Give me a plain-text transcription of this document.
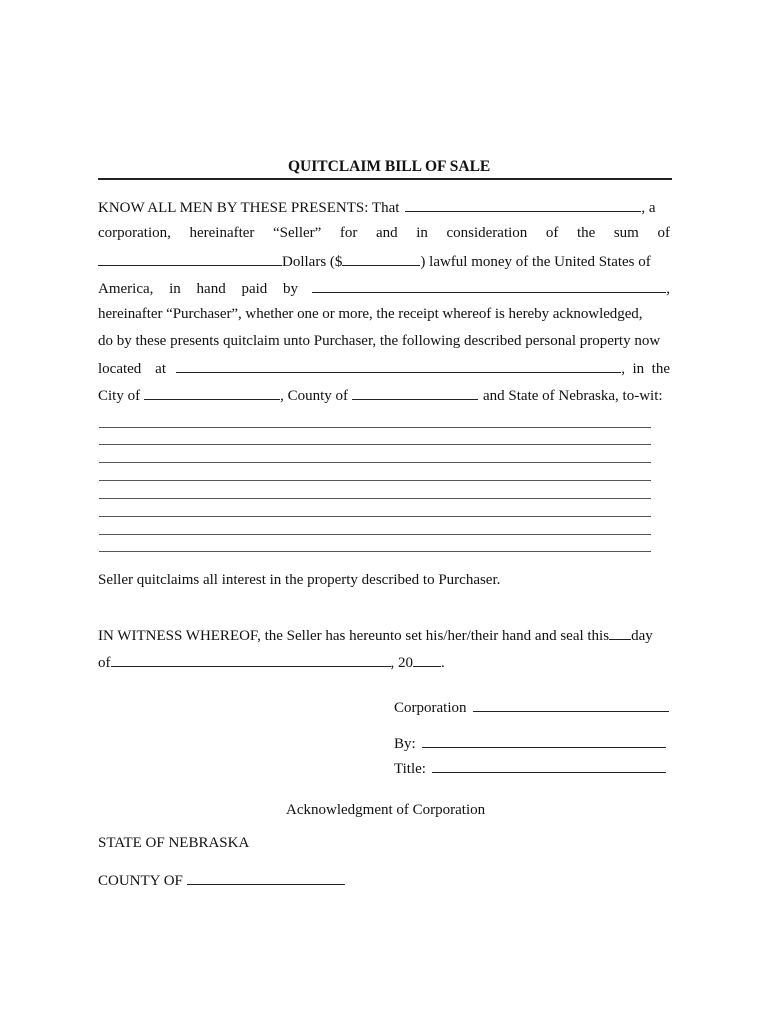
QUITCLAIM BILL OF SALE
KNOW ALL MEN BY THESE PRESENTS: That	, a
corporation, hereinafter “Seller” for and in consideration of the sum of
Dollars ($	) lawful money of the United States of
America, in hand paid by	,
hereinafter “Purchaser”, whether one or more, the receipt whereof is hereby acknowledged,
do by these presents quitclaim unto Purchaser, the following described personal property now
located at	,  in  the
City of	, County of	and State of Nebraska, to-wit:
Seller quitclaims all interest in the property described to Purchaser.
IN WITNESS WHEREOF, the Seller has hereunto set his/her/their hand and seal this day
of	, 20 .
Corporation
By:
Title:
Acknowledgment of Corporation
STATE OF NEBRASKA
COUNTY OF
